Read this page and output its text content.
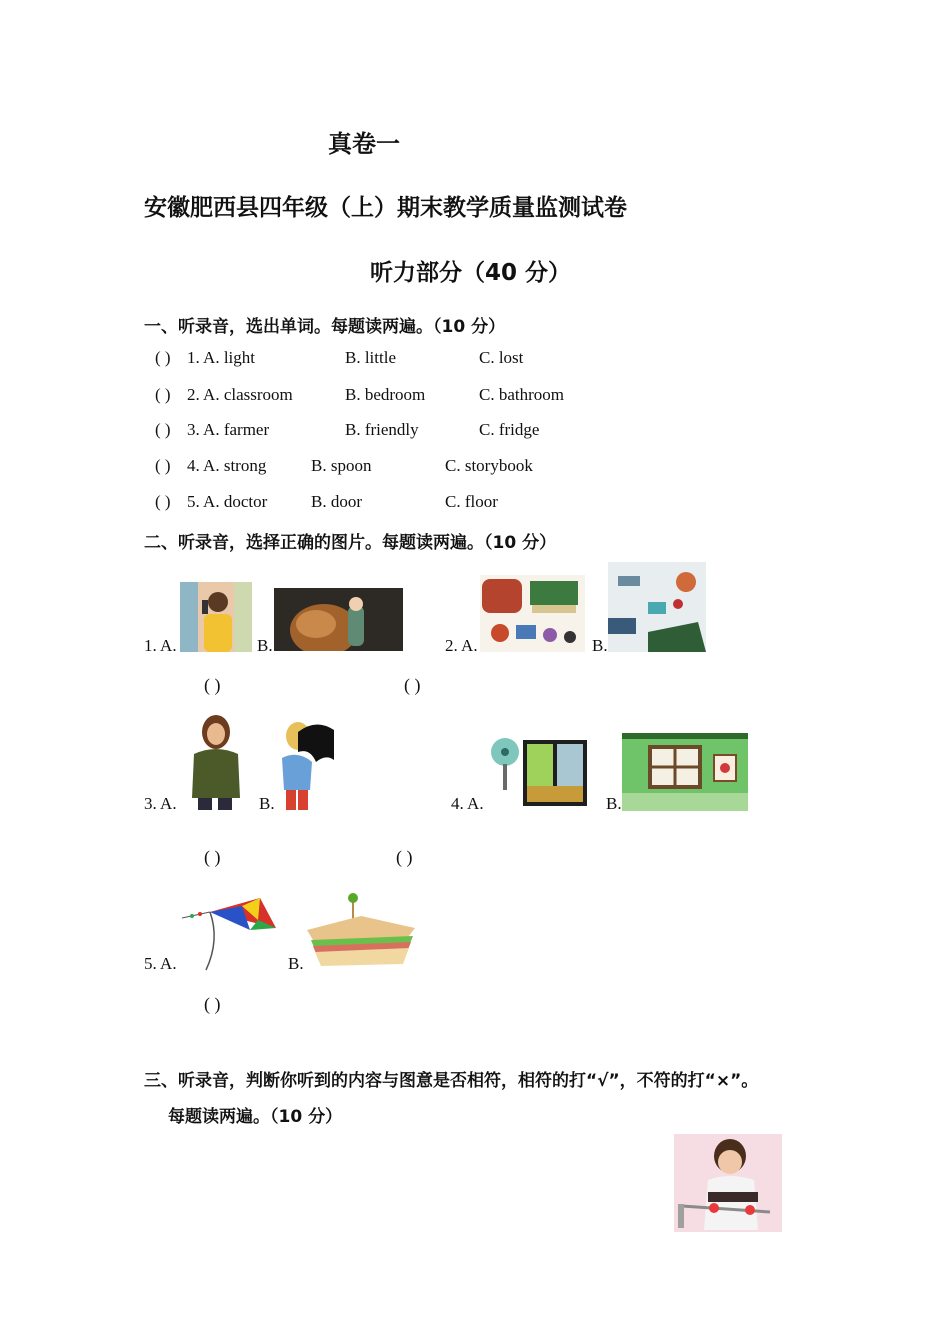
真卷一
安徽肥西县四年级（上）期末教学质量监测试卷
听力部分（40 分）
一、听录音，选出单词。每题读两遍。（10 分）
( ) 1. A. light	B. little	C. lost
( ) 2. A. classroom	B. bedroom	C. bathroom
( ) 3. A. farmer	B. friendly	C. fridge
( ) 4. A. strong	B. spoon	C. storybook
( ) 5. A. doctor	B. door	C. floor
二、听录音，选择正确的图片。每题读两遍。（10 分）
1. A.	B.	2. A.	B.
( )	( )
3. A.	B.	4. A.	B.
( )	( )
5. A.	B.
( )
三、听录音，判断你听到的内容与图意是否相符，相符的打“√”，不符的打“×”。
每题读两遍。（10 分）
